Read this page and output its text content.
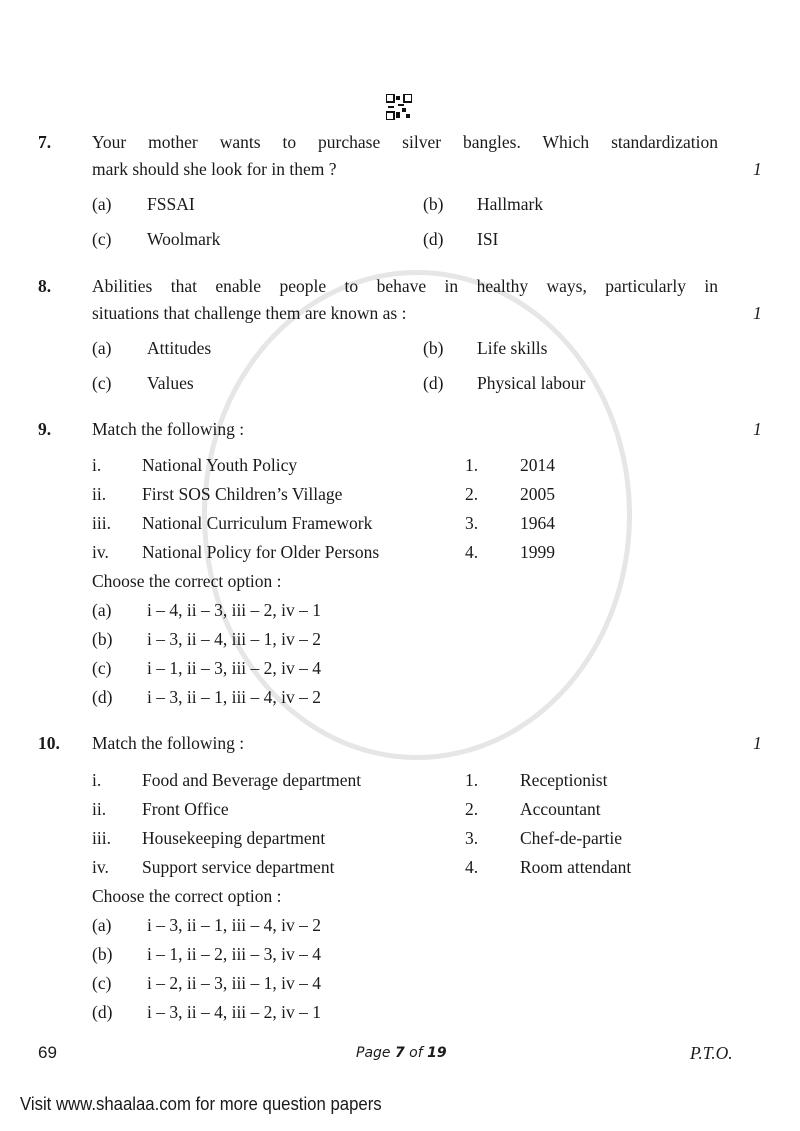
7. Your mother wants to purchase silver bangles. Which standardization
mark should she look for in them ?	1
(a) FSSAI	(b) Hallmark
(c) Woolmark	(d) ISI
8. Abilities that enable people to behave in healthy ways, particularly in
situations that challenge them are known as :	1
(a) Attitudes	(b) Life skills
(c) Values	(d) Physical labour
9. Match the following :	1
i. National Youth Policy	1. 2014
ii. First SOS Children’s Village	2. 2005
iii. National Curriculum Framework	3. 1964
iv. National Policy for Older Persons	4. 1999
Choose the correct option :
(a) i – 4, ii – 3, iii – 2, iv – 1
(b) i – 3, ii – 4, iii – 1, iv – 2
(c) i – 1, ii – 3, iii – 2, iv – 4
(d) i – 3, ii – 1, iii – 4, iv – 2
10. Match the following :	1
i. Food and Beverage department	1. Receptionist
ii. Front Office	2. Accountant
iii. Housekeeping department	3. Chef-de-partie
iv. Support service department	4. Room attendant
Choose the correct option :
(a) i – 3, ii – 1, iii – 4, iv – 2
(b) i – 1, ii – 2, iii – 3, iv – 4
(c) i – 2, ii – 3, iii – 1, iv – 4
(d) i – 3, ii – 4, iii – 2, iv – 1
69	Page 7 of 19	P.T.O.
Visit www.shaalaa.com for more question papers
